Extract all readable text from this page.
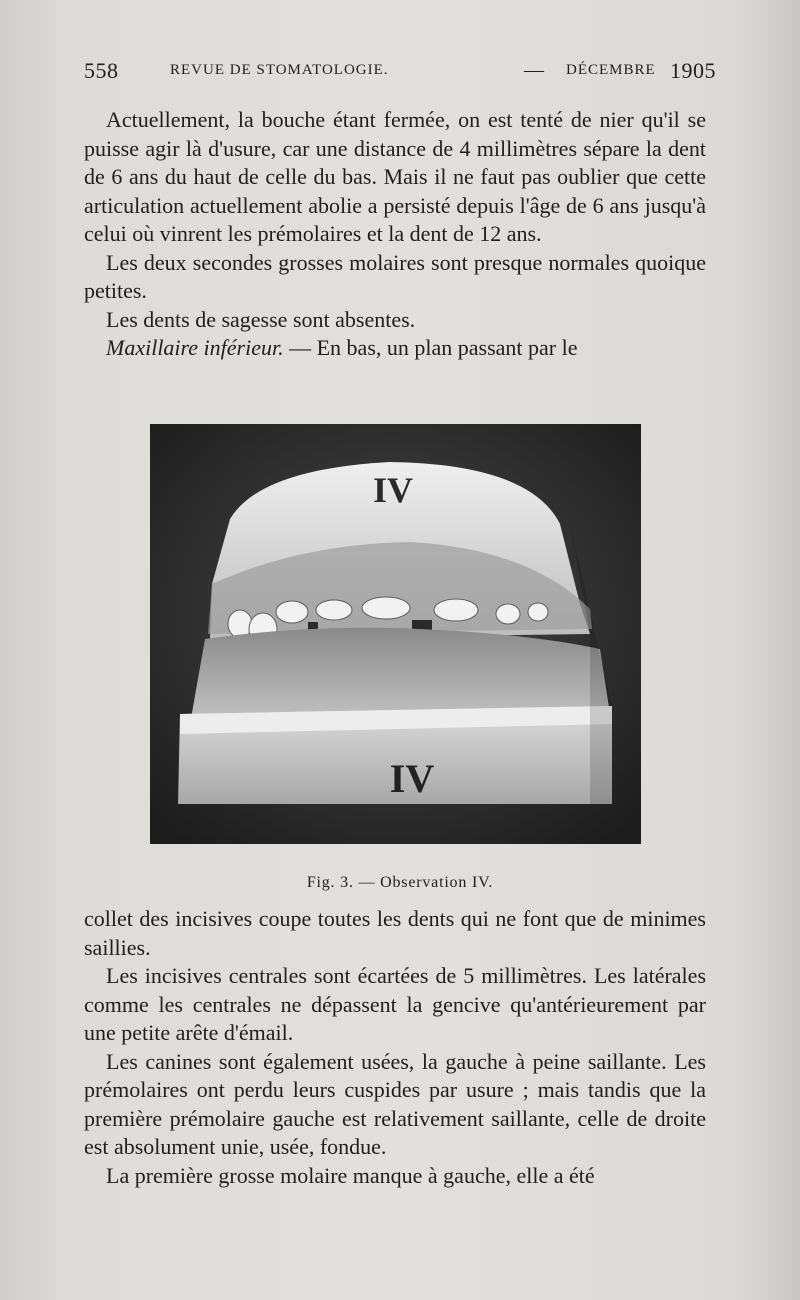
558	REVUE DE STOMATOLOGIE.	— DÉCEMBRE 1905

Actuellement, la bouche étant fermée, on est tenté de nier qu'il se puisse agir là d'usure, car une distance de 4 millimètres sépare la dent de 6 ans du haut de celle du bas. Mais il ne faut pas oublier que cette articulation actuellement abolie a persisté depuis l'âge de 6 ans jusqu'à celui où vinrent les prémolaires et la dent de 12 ans.

Les deux secondes grosses molaires sont presque normales quoique petites.

Les dents de sagesse sont absentes.

Maxillaire inférieur. — En bas, un plan passant par le

IV
IV
Fig. 3. — Observation IV.

collet des incisives coupe toutes les dents qui ne font que de minimes saillies.

Les incisives centrales sont écartées de 5 millimètres. Les latérales comme les centrales ne dépassent la gencive qu'antérieurement par une petite arête d'émail.

Les canines sont également usées, la gauche à peine saillante. Les prémolaires ont perdu leurs cuspides par usure ; mais tandis que la première prémolaire gauche est relativement saillante, celle de droite est absolument unie, usée, fondue.

La première grosse molaire manque à gauche, elle a été
